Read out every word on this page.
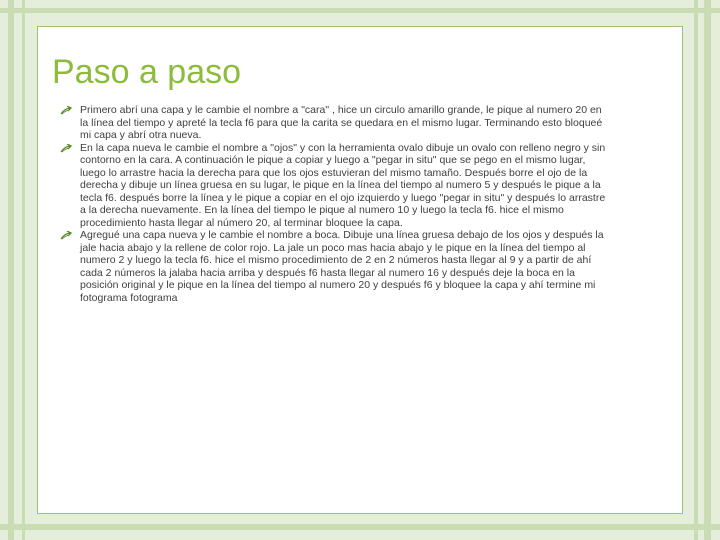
Paso a paso
Primero abrí una capa y le cambie el nombre a "cara" , hice un circulo amarillo grande, le pique al numero 20 en la línea del tiempo y apreté la tecla f6 para que la carita se quedara en el mismo lugar. Terminando esto bloqueé mi capa y abrí otra nueva.
En la capa nueva le cambie el nombre a "ojos" y con la herramienta ovalo dibuje un ovalo con relleno negro y sin contorno en la cara. A continuación le pique a copiar y luego a "pegar in situ" que se pego en el mismo lugar, luego lo arrastre hacia la derecha para que los ojos estuvieran del mismo tamaño. Después borre el ojo de la derecha y dibuje un línea gruesa en su lugar, le pique en la línea del tiempo al numero 5 y después le pique a la tecla f6. después borre la línea y le pique a copiar en el ojo izquierdo y luego "pegar in situ" y después lo arrastre a la derecha nuevamente. En la línea del tiempo le pique al numero 10 y luego la tecla f6. hice el mismo procedimiento hasta llegar al número 20, al terminar bloquee la capa.
Agregué una capa nueva y le cambie el nombre a boca. Dibuje una línea gruesa debajo de los ojos y después la jale hacia abajo y la rellene de color rojo. La jale un poco mas hacia abajo y le pique en la línea del tiempo al numero 2 y luego la tecla f6. hice el mismo procedimiento de 2 en 2 números hasta llegar al 9 y a partir de ahí cada 2 números la jalaba hacia arriba y después f6 hasta llegar al numero 16 y después deje la boca en la posición original y le pique en la línea del tiempo al numero 20 y después f6 y bloquee la capa y ahí termine mi fotograma fotograma
